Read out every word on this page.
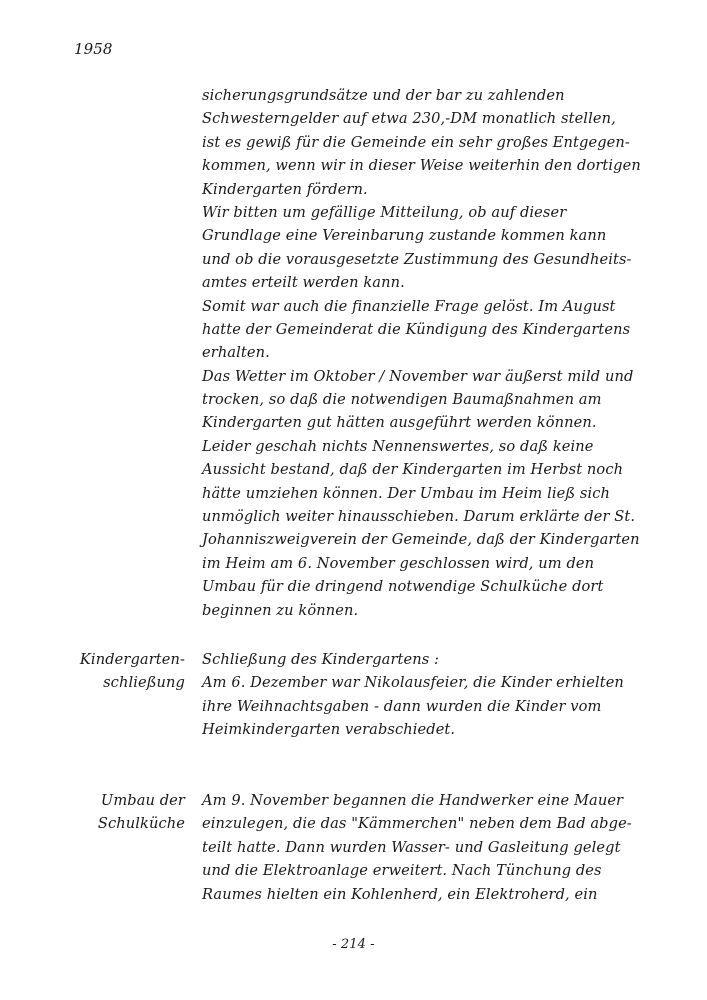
1958
sicherungsgrundsätze und der bar zu zahlenden
Schwesterngelder auf etwa 230,-DM monatlich stellen,
ist es gewiß für die Gemeinde ein sehr großes Entgegen-
kommen, wenn wir in dieser Weise weiterhin den dortigen
Kindergarten fördern.
Wir bitten um gefällige Mitteilung, ob auf dieser
Grundlage eine Vereinbarung zustande kommen kann
und ob die vorausgesetzte Zustimmung des Gesundheits-
amtes erteilt werden kann.
Somit war auch die finanzielle Frage gelöst. Im August
hatte der Gemeinderat die Kündigung des Kindergartens
erhalten.
Das Wetter im Oktober / November war äußerst mild und
trocken, so daß die notwendigen Baumaßnahmen am
Kindergarten gut hätten ausgeführt werden können.
Leider geschah nichts Nennenswertes, so daß keine
Aussicht bestand, daß der Kindergarten im Herbst noch
hätte umziehen können. Der Umbau im Heim ließ sich
unmöglich weiter hinausschieben. Darum erklärte der St.
Johanniszweigverein der Gemeinde, daß der Kindergarten
im Heim am 6. November geschlossen wird, um den
Umbau für die dringend notwendige Schulküche dort
beginnen zu können.
Kindergarten-
schließung
Schließung des Kindergartens :
Am 6. Dezember war Nikolausfeier, die Kinder erhielten
ihre Weihnachtsgaben - dann wurden die Kinder vom
Heimkindergarten verabschiedet.
Umbau der
Schulküche
Am 9. November begannen die Handwerker eine Mauer
einzulegen, die das "Kämmerchen" neben dem Bad abge-
teilt hatte. Dann wurden Wasser- und Gasleitung gelegt
und die Elektroanlage erweitert. Nach Tünchung des
Raumes hielten ein Kohlenherd, ein Elektroherd, ein
- 214 -
